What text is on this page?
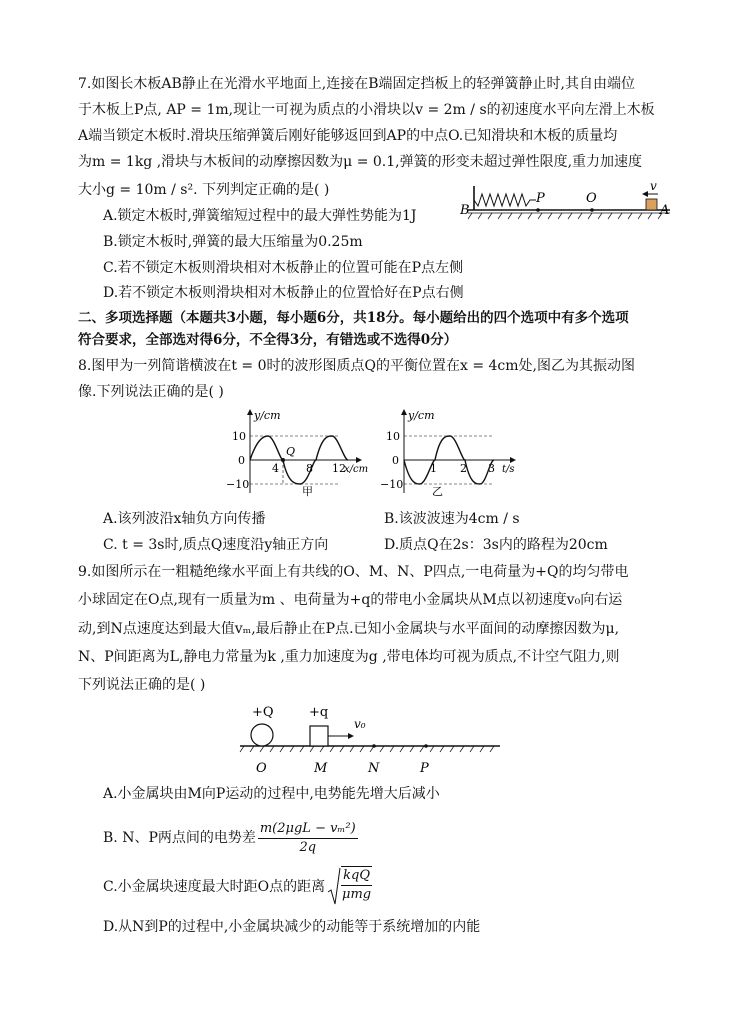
7.如图长木板AB静止在光滑水平地面上,连接在B端固定挡板上的轻弹簧静止时,其自由端位
于木板上P点, AP = 1m,现让一可视为质点的小滑块以v = 2m / s的初速度水平向左滑上木板
A端当锁定木板时.滑块压缩弹簧后刚好能够返回到AP的中点O.已知滑块和木板的质量均
为m = 1kg ,滑块与木板间的动摩擦因数为μ = 0.1,弹簧的形变未超过弹性限度,重力加速度
大小g = 10m / s². 下列判定正确的是( )
B
P	O
A
v
A.锁定木板时,弹簧缩短过程中的最大弹性势能为1J
B.锁定木板时,弹簧的最大压缩量为0.25m
C.若不锁定木板则滑块相对木板静止的位置可能在P点左侧
D.若不锁定木板则滑块相对木板静止的位置恰好在P点右侧
二、多项选择题（本题共3小题，每小题6分，共18分。每小题给出的四个选项中有多个选项
符合要求，全部选对得6分，不全得3分，有错选或不选得0分）
8.图甲为一列简谐横波在t = 0时的波形图质点Q的平衡位置在x = 4cm处,图乙为其振动图
像.下列说法正确的是( )
y/cm
10
0
−10
4 8 12
x/cm
Q
甲
y/cm
10
0
−10
1 2 3 t/s
乙
A.该列波沿x轴负方向传播	B.该波波速为4cm / s
C. t = 3s时,质点Q速度沿y轴正方向	D.质点Q在2s：3s内的路程为20cm
9.如图所示在一粗糙绝缘水平面上有共线的O、M、N、P四点,一电荷量为+Q的均匀带电
小球固定在O点,现有一质量为m 、电荷量为+q的带电小金属块从M点以初速度v₀向右运
动,到N点速度达到最大值vₘ,最后静止在P点.已知小金属块与水平面间的动摩擦因数为μ,
N、P间距离为L,静电力常量为k ,重力加速度为g ,带电体均可视为质点,不计空气阻力,则
下列说法正确的是( )
+Q	+q
v₀
O	M	N	P
A.小金属块由M向P运动的过程中,电势能先增大后减小
B. N、P两点间的电势差 $\frac{\text{m(2μgL − vₘ²)}}{2q}$
C.小金属块速度最大时距O点的距离 $\frac{\text{kqQ}}{\text{μmg}}$
D.从N到P的过程中,小金属块减少的动能等于系统增加的内能
